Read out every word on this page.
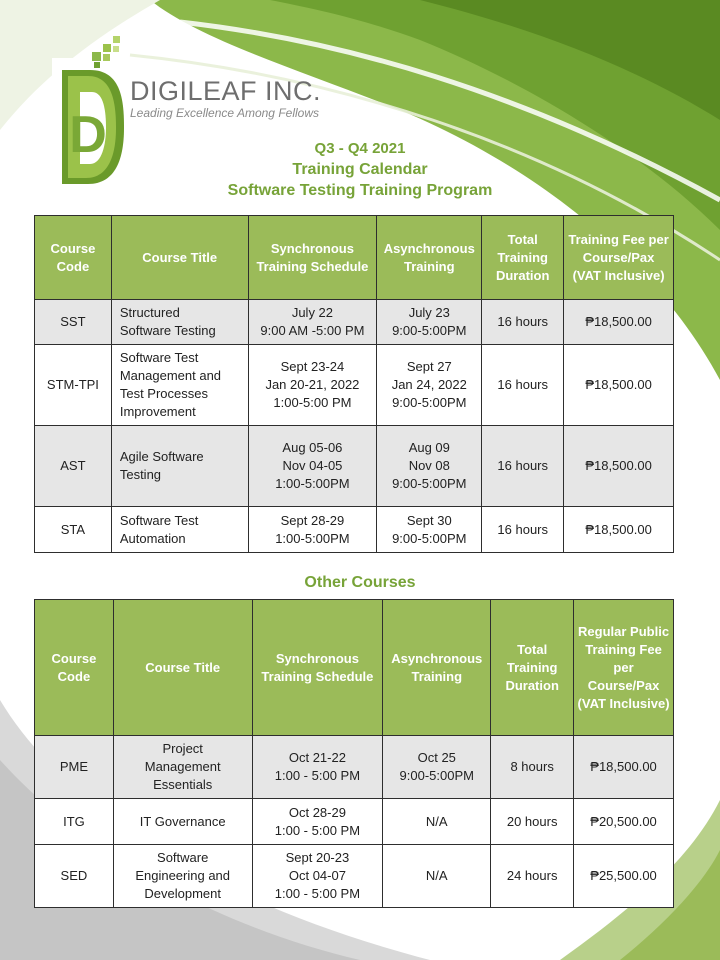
D
DIGILEAF INC.
Leading Excellence Among Fellows
Q3 - Q4 2021
Training Calendar
Software Testing Training Program
Course Code	Course Title	Synchronous Training Schedule	Asynchronous Training	Total Training Duration	Training Fee per Course/Pax (VAT Inclusive)
SST	Structured
Software Testing	July 22
9:00 AM -5:00 PM	July 23
9:00-5:00PM	16 hours	₱18,500.00
STM-TPI	Software Test
Management and
Test Processes
Improvement	Sept 23-24
Jan 20-21, 2022
1:00-5:00 PM	Sept 27
Jan 24, 2022
9:00-5:00PM	16 hours	₱18,500.00
AST	Agile Software
Testing	Aug 05-06
Nov 04-05
1:00-5:00PM	Aug 09
Nov 08
9:00-5:00PM	16 hours	₱18,500.00
STA	Software Test
Automation	Sept 28-29
1:00-5:00PM	Sept 30
9:00-5:00PM	16 hours	₱18,500.00
Other Courses
Course Code	Course Title	Synchronous Training Schedule	Asynchronous Training	Total Training Duration	Regular Public Training Fee per Course/Pax (VAT Inclusive)
PME	Project
Management
Essentials	Oct 21-22
1:00 - 5:00 PM	Oct 25
9:00-5:00PM	8 hours	₱18,500.00
ITG	IT Governance	Oct 28-29
1:00 - 5:00 PM	N/A	20 hours	₱20,500.00
SED	Software
Engineering and
Development	Sept 20-23
Oct 04-07
1:00 - 5:00 PM	N/A	24 hours	₱25,500.00
